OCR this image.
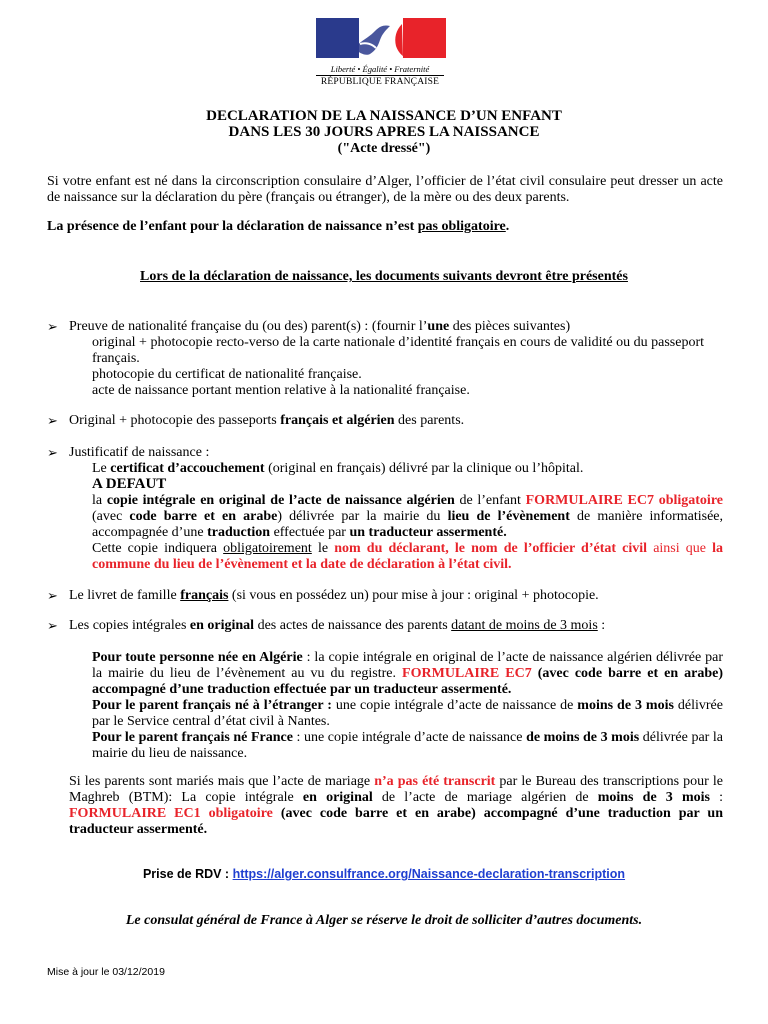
Liberté • Égalité • Fraternité
RÉPUBLIQUE FRANÇAISE
DECLARATION DE LA NAISSANCE D’UN ENFANT
DANS LES 30 JOURS APRES LA NAISSANCE
("Acte dressé")
Si votre enfant est né dans la circonscription consulaire d’Alger, l’officier de l’état civil consulaire peut dresser un acte de naissance sur la déclaration du père (français ou étranger), de la mère ou des deux parents.
La présence de l’enfant pour la déclaration de naissance n’est pas obligatoire.
Lors de la déclaration de naissance, les documents suivants devront être présentés
➢ Preuve de nationalité française du (ou des) parent(s) : (fournir l’une des pièces suivantes)
original + photocopie recto-verso de la carte nationale d’identité français en cours de validité ou du passeport français.
photocopie du certificat de nationalité française.
acte de naissance portant mention relative à la nationalité française.
➢ Original + photocopie des passeports français et algérien des parents.
➢ Justificatif de naissance :
Le certificat d’accouchement (original en français) délivré par la clinique ou l’hôpital.
A DEFAUT
la copie intégrale en original de l’acte de naissance algérien de l’enfant FORMULAIRE EC7 obligatoire (avec code barre et en arabe) délivrée par la mairie du lieu de l’évènement de manière informatisée, accompagnée d’une traduction effectuée par un traducteur assermenté.
Cette copie indiquera obligatoirement le nom du déclarant, le nom de l’officier d’état civil ainsi que la commune du lieu de l’évènement et la date de déclaration à l’état civil.
➢ Le livret de famille français (si vous en possédez un) pour mise à jour : original + photocopie.
➢ Les copies intégrales en original des actes de naissance des parents datant de moins de 3 mois :
Pour toute personne née en Algérie : la copie intégrale en original de l’acte de naissance algérien délivrée par la mairie du lieu de l’évènement au vu du registre. FORMULAIRE EC7 (avec code barre et en arabe) accompagné d’une traduction effectuée par un traducteur assermenté.
Pour le parent français né à l’étranger : une copie intégrale d’acte de naissance de moins de 3 mois délivrée par le Service central d’état civil à Nantes.
Pour le parent français né France : une copie intégrale d’acte de naissance de moins de 3 mois délivrée par la mairie du lieu de naissance.
Si les parents sont mariés mais que l’acte de mariage n’a pas été transcrit par le Bureau des transcriptions pour le Maghreb (BTM): La copie intégrale en original de l’acte de mariage algérien de moins de 3 mois : FORMULAIRE EC1 obligatoire (avec code barre et en arabe) accompagné d’une traduction par un traducteur assermenté.
Prise de RDV : https://alger.consulfrance.org/Naissance-declaration-transcription
Le consulat général de France à Alger se réserve le droit de solliciter d’autres documents.
Mise à jour le 03/12/2019
